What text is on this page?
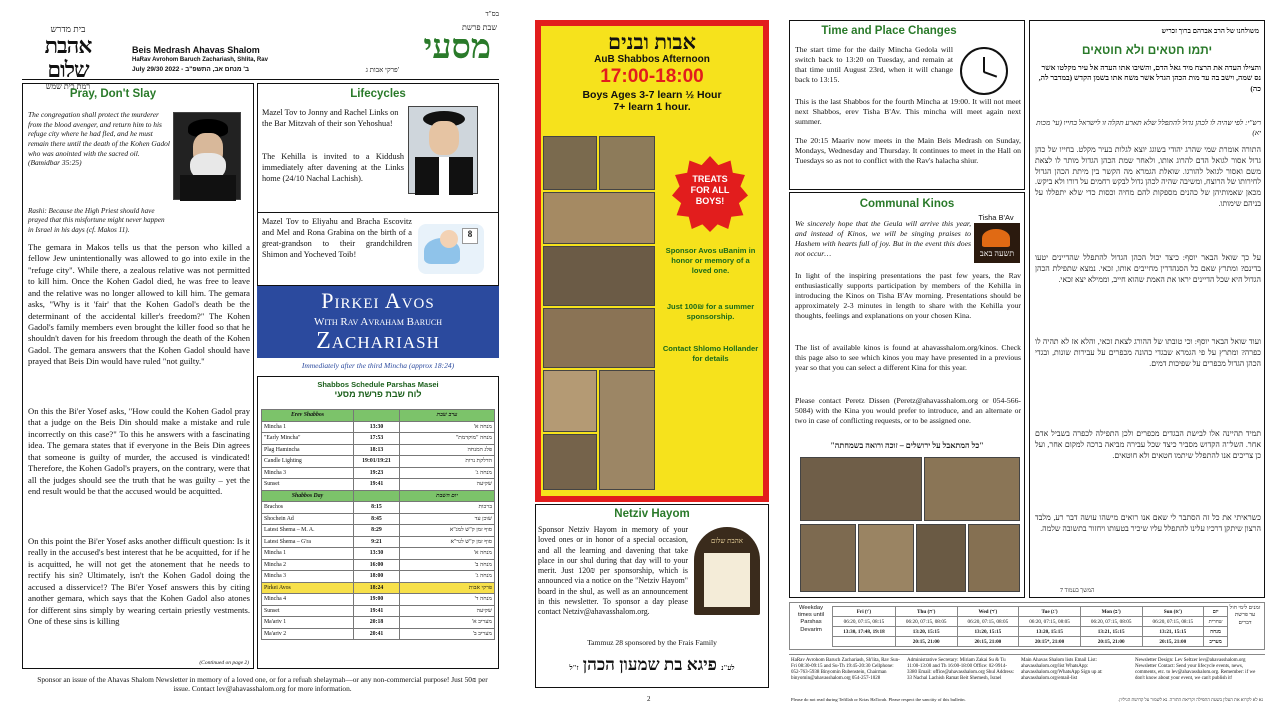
בית מדרש
אהבת שלום
רמת בית שמש
Beis Medrash Ahavas Shalom
HaRav Avrohom Baruch Zachariash, Shlita, Rav
July 29/30 2022 - ב' מנחם אב, התשפ"ב
בס"ד
שבת פרשת
מסעי
פרקי אבות ג'
Pray, Don't Slay
The congregation shall protect the murderer from the blood avenger, and return him to his refuge city where he had fled, and he must remain there until the death of the Kohen Gadol who was anointed with the sacred oil. (Bamidbar 35:25)
Rashi: Because the High Priest should have prayed that this misfortune might never happen in Israel in his days (cf. Makos 11).
The gemara in Makos tells us that the person who killed a fellow Jew unintentionally was allowed to go into exile in the "refuge city". While there, a zealous relative was not permitted to kill him. Once the Kohen Gadol died, he was free to leave and the relative was no longer allowed to kill him. The gemara asks, "Why is it 'fair' that the Kohen Gadol's death be the determinant of the accidental killer's freedom?" The Kohen Gadol's family members even brought the killer food so that he shouldn't daven for his freedom through the death of the Kohen Gadol. The gemara answers that the Kohen Gadol should have prayed that Beis Din would have ruled "not guilty."
On this the Bi'er Yosef asks, "How could the Kohen Gadol pray that a judge on the Beis Din should make a mistake and rule incorrectly on this case?" To this he answers with a fascinating idea. The gemara states that if everyone in the Beis Din agrees that someone is guilty of murder, the accused is vindicated! Therefore, the Kohen Gadol's prayers, on the contrary, were that all the judges should see the truth that he was guilty – yet the end result would be that the accused would be acquitted.
On this point the Bi'er Yosef asks another difficult question: Is it really in the accused's best interest that he be acquitted, for if he is acquitted, he will not get the atonement that he needs to rectify his sin? Ultimately, isn't the Kohen Gadol doing the accused a disservice!? The Bi'er Yosef answers this by citing another gemara, which says that the Kohen Gadol also atones for different sins simply by wearing certain priestly vestments. One of these sins is killing
(Continued on page 2)
Lifecycles
Mazel Tov to Jonny and Rachel Links on the Bar Mitzvah of their son Yehoshua!
The Kehilla is invited to a Kiddush immediately after davening at the Links home (24/10 Nachal Lachish).
Mazel Tov to Eliyahu and Bracha Escovitz and Mel and Rona Grabina on the birth of a great-grandson to their grandchildren Shimon and Yocheved Toib!
8
Pirkei Avos
With Rav Avraham Baruch
Zachariash
Immediately after the third Mincha (approx 18:24)
Shabbos Schedule Parshas Masei
לוח שבת פרשת מסעי
Erev Shabbos		ערב שבת
Mincha 1	13:30	מנחה א'
"Early Mincha"	17:53	מנחה "מוקדמת"
Plag Hamincha	18:13	פלג המנחה
Candle Lighting	19:01/19:21	הדלקת נרות
Mincha 3	19:23	מנחה ג'
Sunset	19:41	שקיעה
Shabbos Day		יום השבת
Brachos	8:15	ברכות
Shochein Ad	8:45	שוכן עד
Latest Shema – M. A.	8:29	סוף זמן ק"ש למג"א
Latest Shema – G'ra	9:21	סוף זמן ק"ש לגר"א
Mincha 1	13:30	מנחה א'
Mincha 2	16:00	מנחה ב'
Mincha 3	18:00	מנחה ג'
Pirkei Avos	18:24	פרקי אבות
Mincha 4	19:00	מנחה ד'
Sunset	19:41	שקיעה
Ma'ariv 1	20:18	מעריב א'
Ma'ariv 2	20:41	מעריב ב'
Sponsor an issue of the Ahavas Shalom Newsletter in memory of a loved one, or for a refuah shelaymah—or any non-commercial purpose! Just 50₪ per issue. Contact lev@ahavasshalom.org for more information.
אבות ובנים
AuB Shabbos Afternoon
17:00-18:00
Boys Ages 3-7 learn ½ Hour
7+ learn 1 hour.
TREATS FOR ALL BOYS!
Sponsor Avos uBanim in honor or memory of a loved one.
Just 100₪ for a summer sponsorship.
Contact Shlomo Hollander for details
Netziv Hayom
Sponsor Netziv Hayom in memory of your loved ones or in honor of a special occasion, and all the learning and davening that take place in our shul during that day will to your merit. Just 120₪ per sponsorship, which is announced via a notice on the "Netziv Hayom" board in the shul, as well as an announcement in this newsletter. To sponsor a day please contact Netziv@ahavasshalom.org.
אהבת שלום
Tammuz 28 sponsored by the Frais Family
לע"נ פיגא בת שמעון הכהן ז"ל
2
Time and Place Changes
The start time for the daily Mincha Gedola will switch back to 13:20 on Tuesday, and remain at that time until August 23rd, when it will change back to 13:15.
This is the last Shabbos for the fourth Mincha at 19:00. It will not meet next Shabbos, erev Tisha B'Av. This mincha will meet again next summer.
The 20:15 Maariv now meets in the Main Beis Medrash on Sunday, Mondays, Wednesday and Thursday. It continues to meet in the Hall on Tuesdays so as not to conflict with the Rav's halacha shiur.
Communal Kinos
Tisha B'Av
תשעה באב
We sincerely hope that the Geula will arrive this year, and instead of Kinos, we will be singing praises to Hashem with hearts full of joy. But in the event this does not occur…
In light of the inspiring presentations the past few years, the Rav enthusiastically supports participation by members of the Kehilla in introducing the Kinos on Tisha B'Av morning. Presentations should be approximately 2-3 minutes in length to share with the Kehilla your thoughts, feelings and explanations on your chosen Kina.
The list of available kinos is found at ahavasshalom.org/kinos. Check this page also to see which kinos you may have presented in a previous year so that you can select a different Kina for this year.
Please contact Peretz Dissen (Peretz@ahavasshalom.org or 054-566-5084) with the Kina you would prefer to introduce, and an alternate or two in case of conflicting requests, or to be assigned one.
"כל המתאבל על ירושלים – זוכה ורואה בשמחתה"
משולחנו של הרב אברהם ברוך זכריש
יתמו חטאים ולא חוטאים
והצילו העדה את הרצח מיד גאל הדם, והשיבו אתו העדה אל עיר מקלטו אשר נס שמה, וישב בה עד מות הכהן הגדל אשר משח אתו בשמן הקדש (במדבר לה, כה)
רש"י: לפי שהיה לו לכהן גדול להתפלל שלא תארע תקלה זו לישראל בחייו (עי' מכות יא)
התורה אומרת שמי שהרג יהודי בשוגג יוצא לגלות בעיר מקלט. בחייו של כהן גדול אסור לגואל הדם להרוג אותו, ולאחר שמת הכהן הגדול מותר לו לצאת משם ואסור לגואל להורגו. שואלת הגמרא מה הקשר בין מיתת הכהן הגדול לחירותו של הרוצח, ומשיבה שהיה לכהן גדול לבקש רחמים על דורו ולא ביקש. מכאן שאמותיהן של כהנים מספקות להם מחיה וכסות כדי שלא יתפללו על בניהם שימותו.
על כך שואל הבאר יוסף: כיצד יכול הכהן הגדול להתפלל שהדיינים יטעו בדינם? ומתרץ שאם כל הסנהדרין מחייבים אותו, זכאי. נמצא שתפילת הכהן הגדול היא שכל הדיינים יראו את האמת שהוא חייב, וממילא יצא זכאי.
ועוד שואל הבאר יוסף: וכי טובתו של ההורג לצאת זכאי, והלא אז לא תהיה לו כפרה? ומתרץ על פי הגמרא שבגדי כהונה מכפרים על עבירות שונות, ובגדי הכהן הגדול מכפרים על שפיכות דמים.
תמיד תהיינה אלו לבישת הבגדים מכפרים ולכן התפילה לכפרה בשביל אדם אחר. השל"ה הקדוש מסביר כיצד שכל עבירה מביאה ברכה למקום אחר, ועל כן צריכים אנו להתפלל שיתמו חטאים ולא חוטאים.
כשראיתי את כל זה הסתבר לי שאם אנו רואים מישהו עושה דבר רע, מלבד הרצון שיתקן דרכיו עלינו להתפלל עליו שיכיר בטעותו ויחזור בתשובה שלמה.
המשך בעמוד 7
Weekday times until Parshas Devarim
זמנים לימי חול עד פרשת דברים
Fri (ו')	Thu (ה')	Wed (ד')	Tue (ג')	Mon (ב')	Sun (א')	יום
06:20, 07:15, 08:15	06:20, 07:15, 08:05	06:20, 07:15, 08:05	06:20, 07:15, 08:05	06:20, 07:15, 08:05	06:20, 07:15, 08:15	שחרית
13:30, 17:48, 19:18	13:20, 15:15	13:20, 15:15	13:20, 15:15	13:21, 15:15	13:21, 15:15	מנחה
	20:15, 21:00	20:15, 21:00	20:15*, 21:00	20:15, 21:00	20:15, 21:00	מעריב
HaRav Avrohom Baruch Zachariash, Sh'lita, Rav Sun-Fri 08:30-09:15 and Su-Th 19:45-20:30 Cellphone: 052-763-5938 Binyomin Rubenstein, Chairman binyomin@ahavasshalom.org 054-257-1028
Administrative Secretary: Miriam Zakai Su & Tu 11:00-13:00 and Th 16:00-18:00 Office: 02-9914-3380 Email: office@ahavasshalom.org Shul Address: 33 Nachal Lachish Ramat Beit Shemesh, Israel
Main Ahavas Shalom lists Email List: ahavasshalom.org/list WhatsApp: ahavasshalom.org/WhatsApp Sign up at: ahavasshalom.org/email-list
Newsletter Design: Lev Seltzer lev@ahavasshalom.org Newsletter Contact: Send your lifecycle events, news, comments, etc. to lev@ahavasshalom.org. Remember: if we don't know about your event, we can't publish it!
Please do not read during Tefillah or Krias HaTorah. Please respect the sanctity of this bulletin.	נא לא לקרוא את העלון בשעת התפילה וקריאת התורה. נא לשמור על קדושת הגיליון.
